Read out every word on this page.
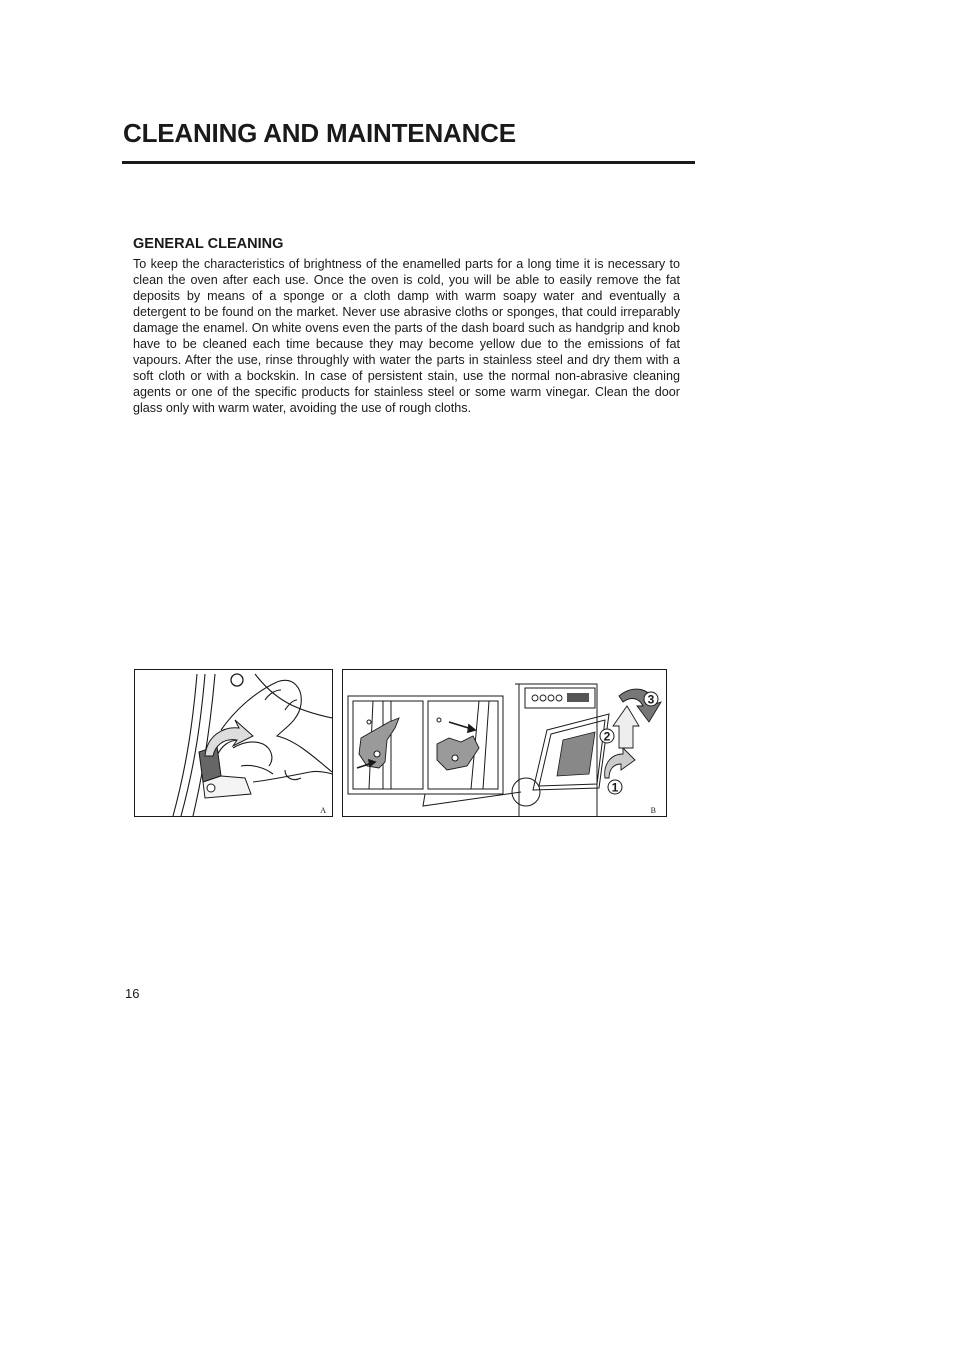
CLEANING AND MAINTENANCE
GENERAL CLEANING

To keep the characteristics of brightness of the enamelled parts for a long time it is necessary to clean the oven after each use. Once the oven is cold, you will be able to easily remove the fat deposits by means of a sponge or a cloth damp with warm soapy water and eventually a detergent to be found on the market. Never use abrasive cloths or sponges, that could irreparably damage the enamel. On white ovens even the parts of the dash board such as handgrip and knob have to be cleaned each time because they may become yellow due to the emissions of fat vapours. After the use, rinse throughly with water the parts in stainless steel and dry them with a soft cloth or with a bockskin. In case of persistent stain, use the normal non-abrasive cleaning agents or one of the specific products for stainless steel or some warm vinegar. Clean the door glass only with warm water, avoiding the use of rough cloths.

A
1
2
3
B
16
